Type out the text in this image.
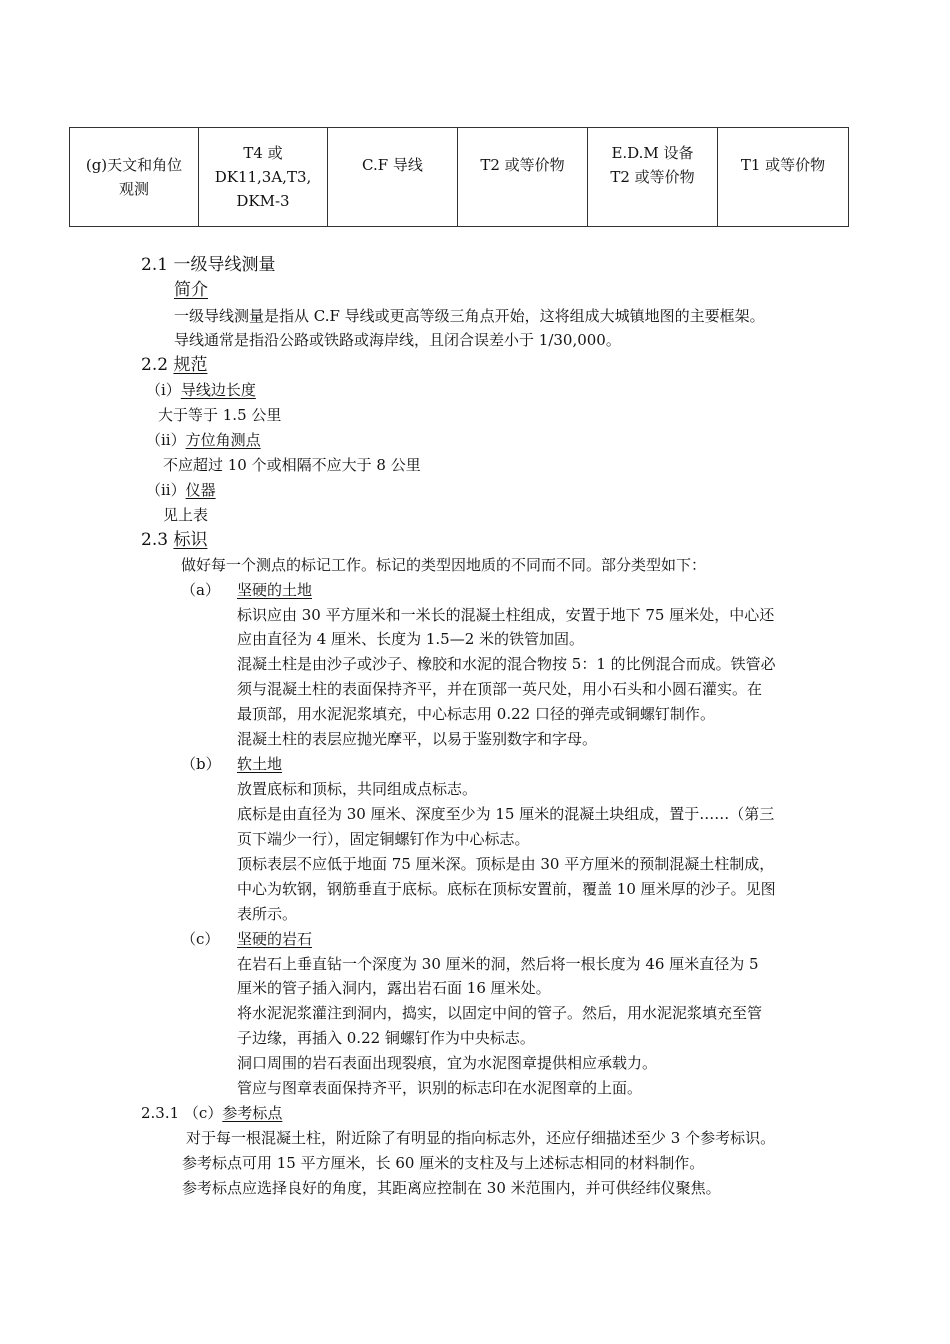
(g)天文和角位
观测

T4 或
DK11,3A,T3,
DKM-3

C.F 导线	T2 或等价物

E.D.M 设备
T2 或等价物

T1 或等价物
2.1 一级导线测量
简介
一级导线测量是指从 C.F 导线或更高等级三角点开始，这将组成大城镇地图的主要框架。
导线通常是指沿公路或铁路或海岸线，且闭合误差小于 1/30,000。
2.2 规范
（i）导线边长度
大于等于 1.5 公里
（ii）方位角测点
不应超过 10 个或相隔不应大于 8 公里
（ii）仪器
见上表
2.3 标识
做好每一个测点的标记工作。标记的类型因地质的不同而不同。部分类型如下：
（a） 坚硬的土地
标识应由 30 平方厘米和一米长的混凝土柱组成，安置于地下 75 厘米处，中心还
应由直径为 4 厘米、长度为 1.5—2 米的铁管加固。
混凝土柱是由沙子或沙子、橡胶和水泥的混合物按 5：1 的比例混合而成。铁管必
须与混凝土柱的表面保持齐平，并在顶部一英尺处，用小石头和小圆石灌实。在
最顶部，用水泥泥浆填充，中心标志用 0.22 口径的弹壳或铜螺钉制作。
混凝土柱的表层应抛光摩平，以易于鉴别数字和字母。
（b） 软土地
放置底标和顶标，共同组成点标志。
底标是由直径为 30 厘米、深度至少为 15 厘米的混凝土块组成，置于……（第三
页下端少一行），固定铜螺钉作为中心标志。
顶标表层不应低于地面 75 厘米深。顶标是由 30 平方厘米的预制混凝土柱制成，
中心为软钢，钢筋垂直于底标。底标在顶标安置前，覆盖 10 厘米厚的沙子。见图
表所示。
（c） 坚硬的岩石
在岩石上垂直钻一个深度为 30 厘米的洞，然后将一根长度为 46 厘米直径为 5
厘米的管子插入洞内，露出岩石面 16 厘米处。
将水泥泥浆灌注到洞内，捣实，以固定中间的管子。然后，用水泥泥浆填充至管
子边缘，再插入 0.22 铜螺钉作为中央标志。
洞口周围的岩石表面出现裂痕，宜为水泥图章提供相应承载力。
管应与图章表面保持齐平，识别的标志印在水泥图章的上面。
2.3.1 （c）参考标点
对于每一根混凝土柱，附近除了有明显的指向标志外，还应仔细描述至少 3 个参考标识。
参考标点可用 15 平方厘米，长 60 厘米的支柱及与上述标志相同的材料制作。
参考标点应选择良好的角度，其距离应控制在 30 米范围内，并可供经纬仪聚焦。
